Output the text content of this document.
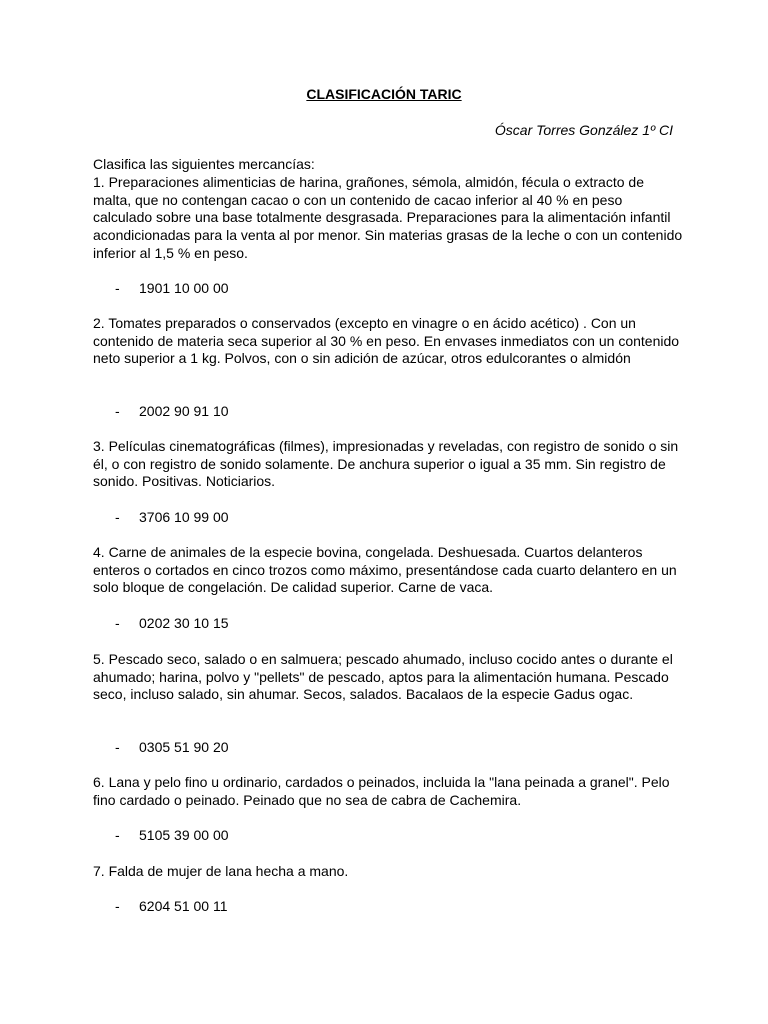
CLASIFICACIÓN TARIC
Óscar Torres González 1º CI
Clasifica las siguientes mercancías:
1. Preparaciones alimenticias de harina, grañones, sémola, almidón, fécula o extracto de malta, que no contengan cacao o con un contenido de cacao inferior al 40 % en peso calculado sobre una base totalmente desgrasada. Preparaciones para la alimentación infantil acondicionadas para la venta al por menor. Sin materias grasas de la leche o con un contenido inferior al 1,5 % en peso.
- 1901 10 00 00
2. Tomates preparados o conservados (excepto en vinagre o en ácido acético) . Con un contenido de materia seca superior al 30 % en peso. En envases inmediatos con un contenido neto superior a 1 kg. Polvos, con o sin adición de azúcar, otros edulcorantes o almidón
- 2002 90 91 10
3. Películas cinematográficas (filmes), impresionadas y reveladas, con registro de sonido o sin él, o con registro de sonido solamente. De anchura superior o igual a 35 mm. Sin registro de sonido. Positivas. Noticiarios.
- 3706 10 99 00
4. Carne de animales de la especie bovina, congelada. Deshuesada. Cuartos delanteros enteros o cortados en cinco trozos como máximo, presentándose cada cuarto delantero en un solo bloque de congelación. De calidad superior. Carne de vaca.
- 0202 30 10 15
5. Pescado seco, salado o en salmuera; pescado ahumado, incluso cocido antes o durante el ahumado; harina, polvo y "pellets" de pescado, aptos para la alimentación humana. Pescado seco, incluso salado, sin ahumar. Secos, salados. Bacalaos de la especie Gadus ogac.
- 0305 51 90 20
6. Lana y pelo fino u ordinario, cardados o peinados, incluida la "lana peinada a granel". Pelo fino cardado o peinado. Peinado que no sea de cabra de Cachemira.
- 5105 39 00 00
7. Falda de mujer de lana hecha a mano.
- 6204 51 00 11
